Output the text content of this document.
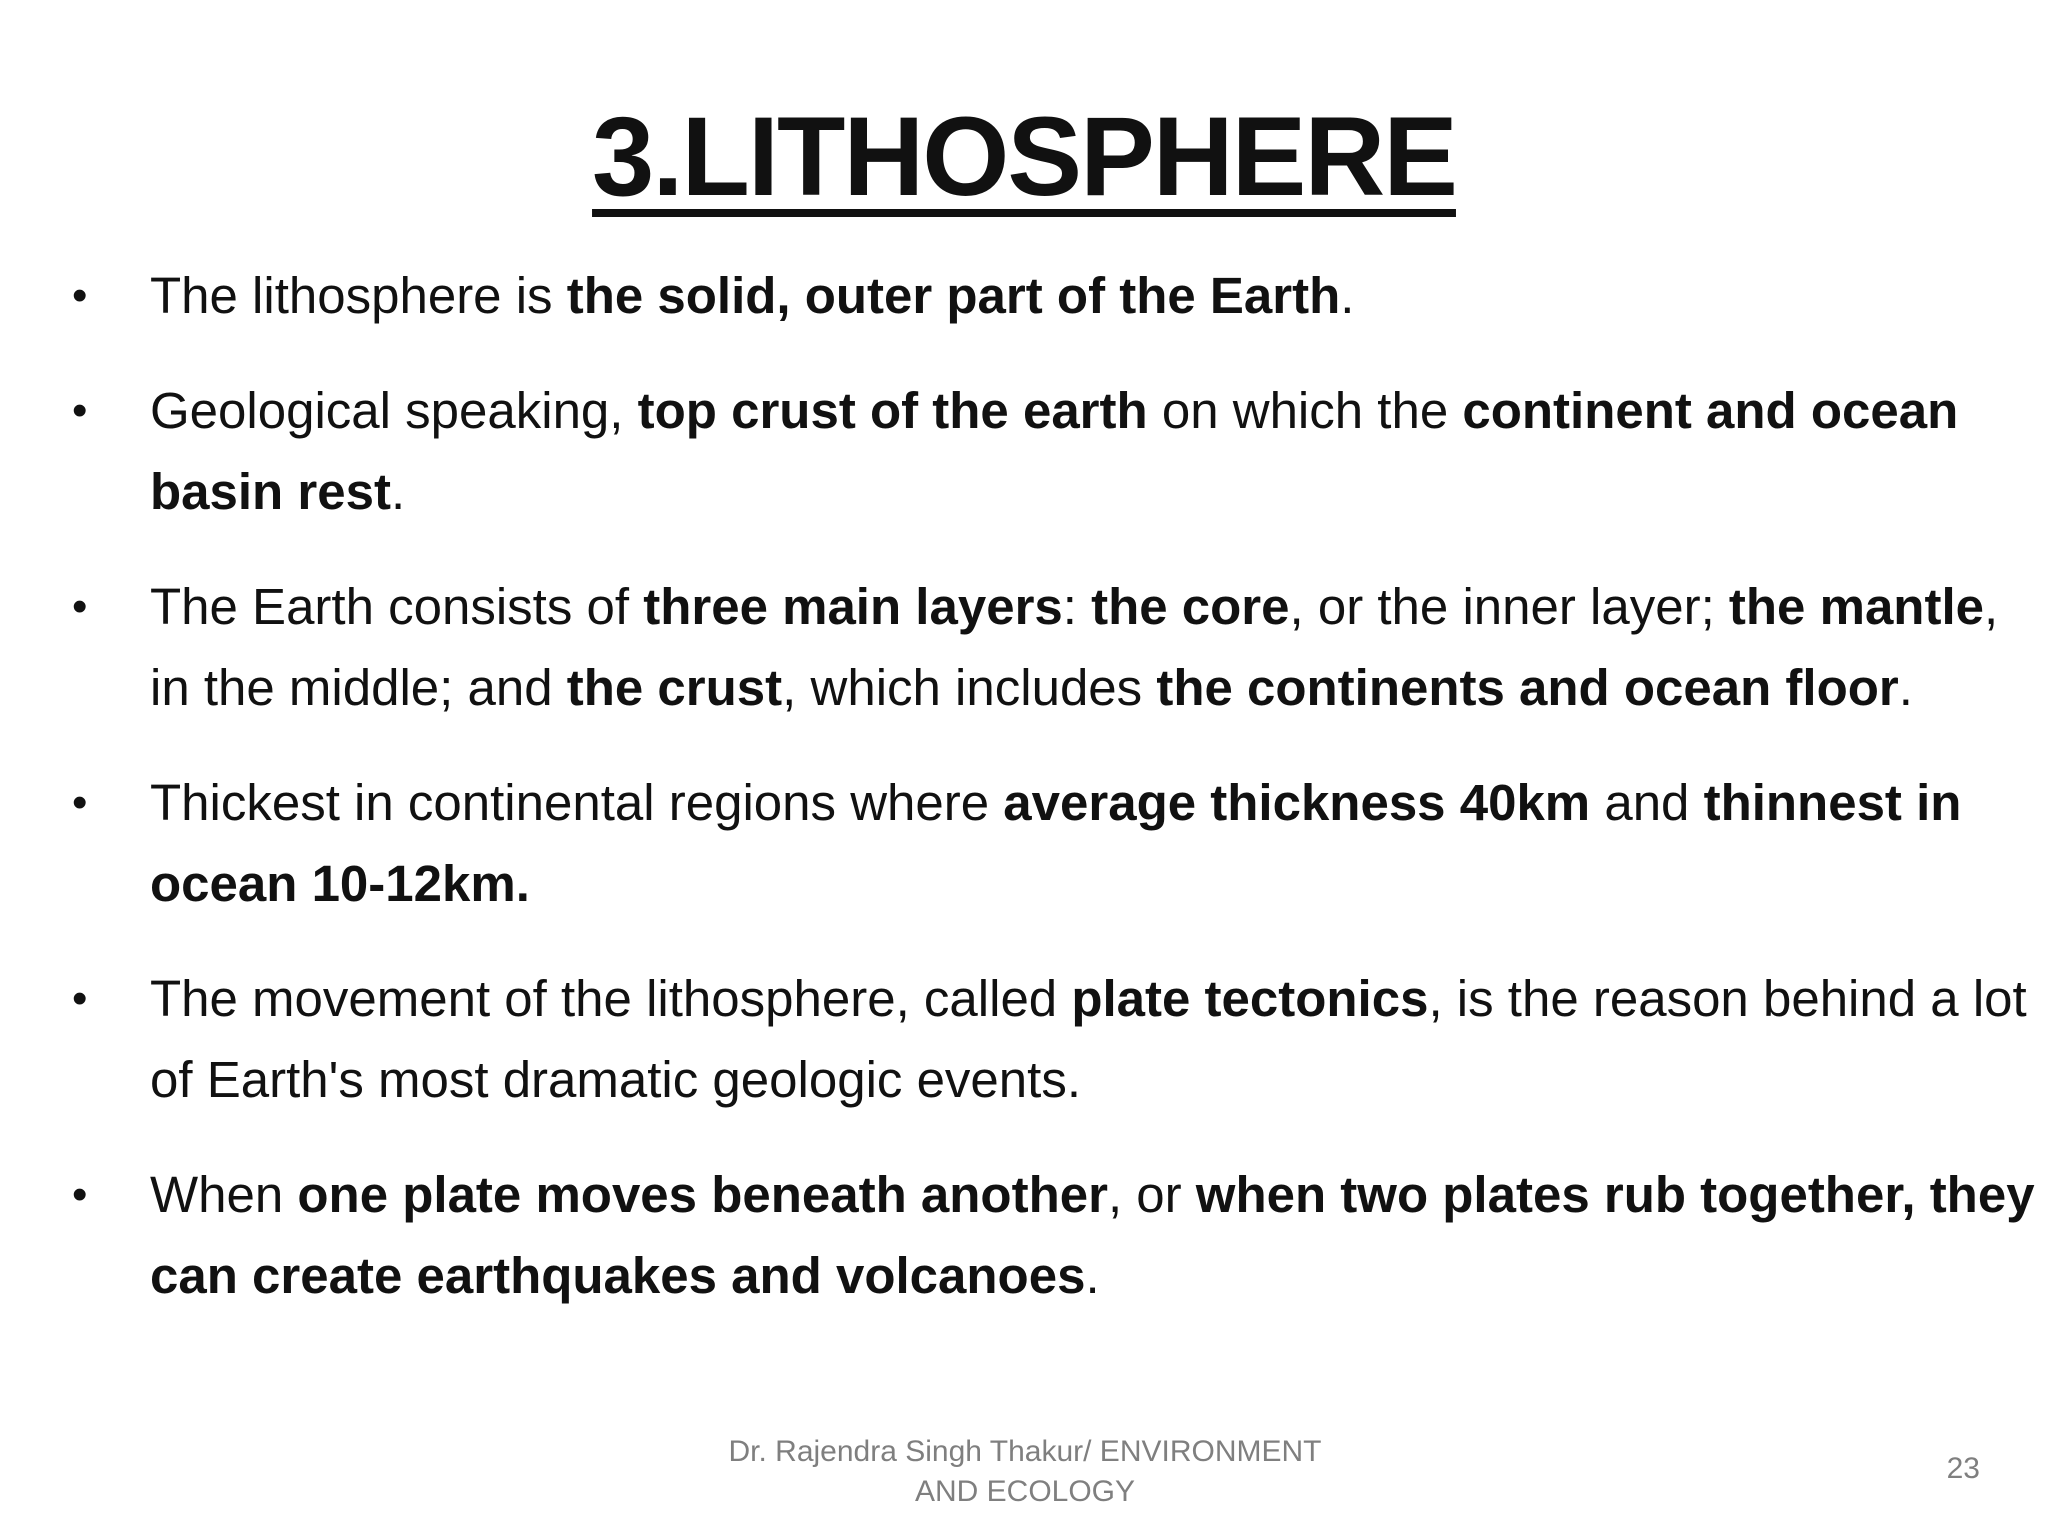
3.LITHOSPHERE
• The lithosphere is the solid, outer part of the Earth.
• Geological speaking, top crust of the earth on which the continent and ocean basin rest.
• The Earth consists of three main layers: the core, or the inner layer; the mantle, in the middle; and the crust, which includes the continents and ocean floor.
• Thickest in continental regions where average thickness 40km and thinnest in ocean 10-12km.
• The movement of the lithosphere, called plate tectonics, is the reason behind a lot of Earth's most dramatic geologic events.
• When one plate moves beneath another, or when two plates rub together, they can create earthquakes and volcanoes.
Dr. Rajendra Singh Thakur/ ENVIRONMENT AND ECOLOGY
23
